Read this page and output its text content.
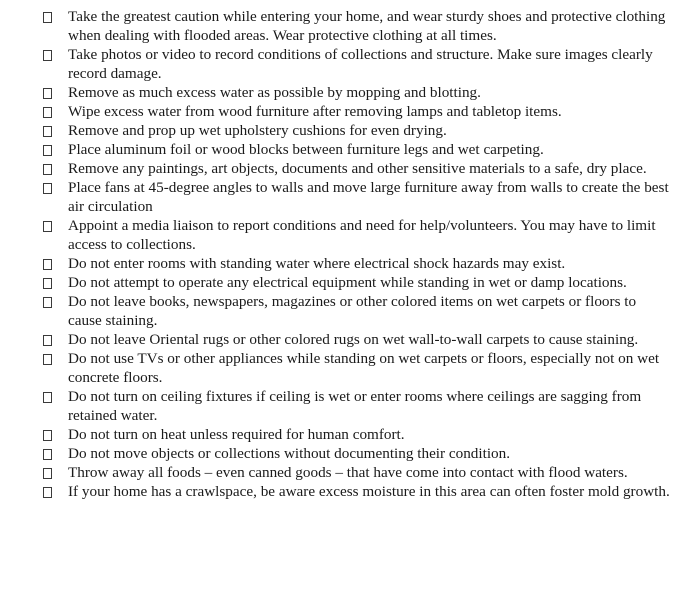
Take the greatest caution while entering your home, and wear sturdy shoes and protective clothing when dealing with flooded areas. Wear protective clothing at all times.
Take photos or video to record conditions of collections and structure. Make sure images clearly record damage.
Remove as much excess water as possible by mopping and blotting.
Wipe excess water from wood furniture after removing lamps and tabletop items.
Remove and prop up wet upholstery cushions for even drying.
Place aluminum foil or wood blocks between furniture legs and wet carpeting.
Remove any paintings, art objects, documents and other sensitive materials to a safe, dry place.
Place fans at 45-degree angles to walls and move large furniture away from walls to create the best air circulation
Appoint a media liaison to report conditions and need for help/volunteers. You may have to limit access to collections.
Do not enter rooms with standing water where electrical shock hazards may exist.
Do not attempt to operate any electrical equipment while standing in wet or damp locations.
Do not leave books, newspapers, magazines or other colored items on wet carpets or floors to cause staining.
Do not leave Oriental rugs or other colored rugs on wet wall-to-wall carpets to cause staining.
Do not use TVs or other appliances while standing on wet carpets or floors, especially not on wet concrete floors.
Do not turn on ceiling fixtures if ceiling is wet or enter rooms where ceilings are sagging from retained water.
Do not turn on heat unless required for human comfort.
Do not move objects or collections without documenting their condition.
Throw away all foods – even canned goods – that have come into contact with flood waters.
If your home has a crawlspace, be aware excess moisture in this area can often foster mold growth.
